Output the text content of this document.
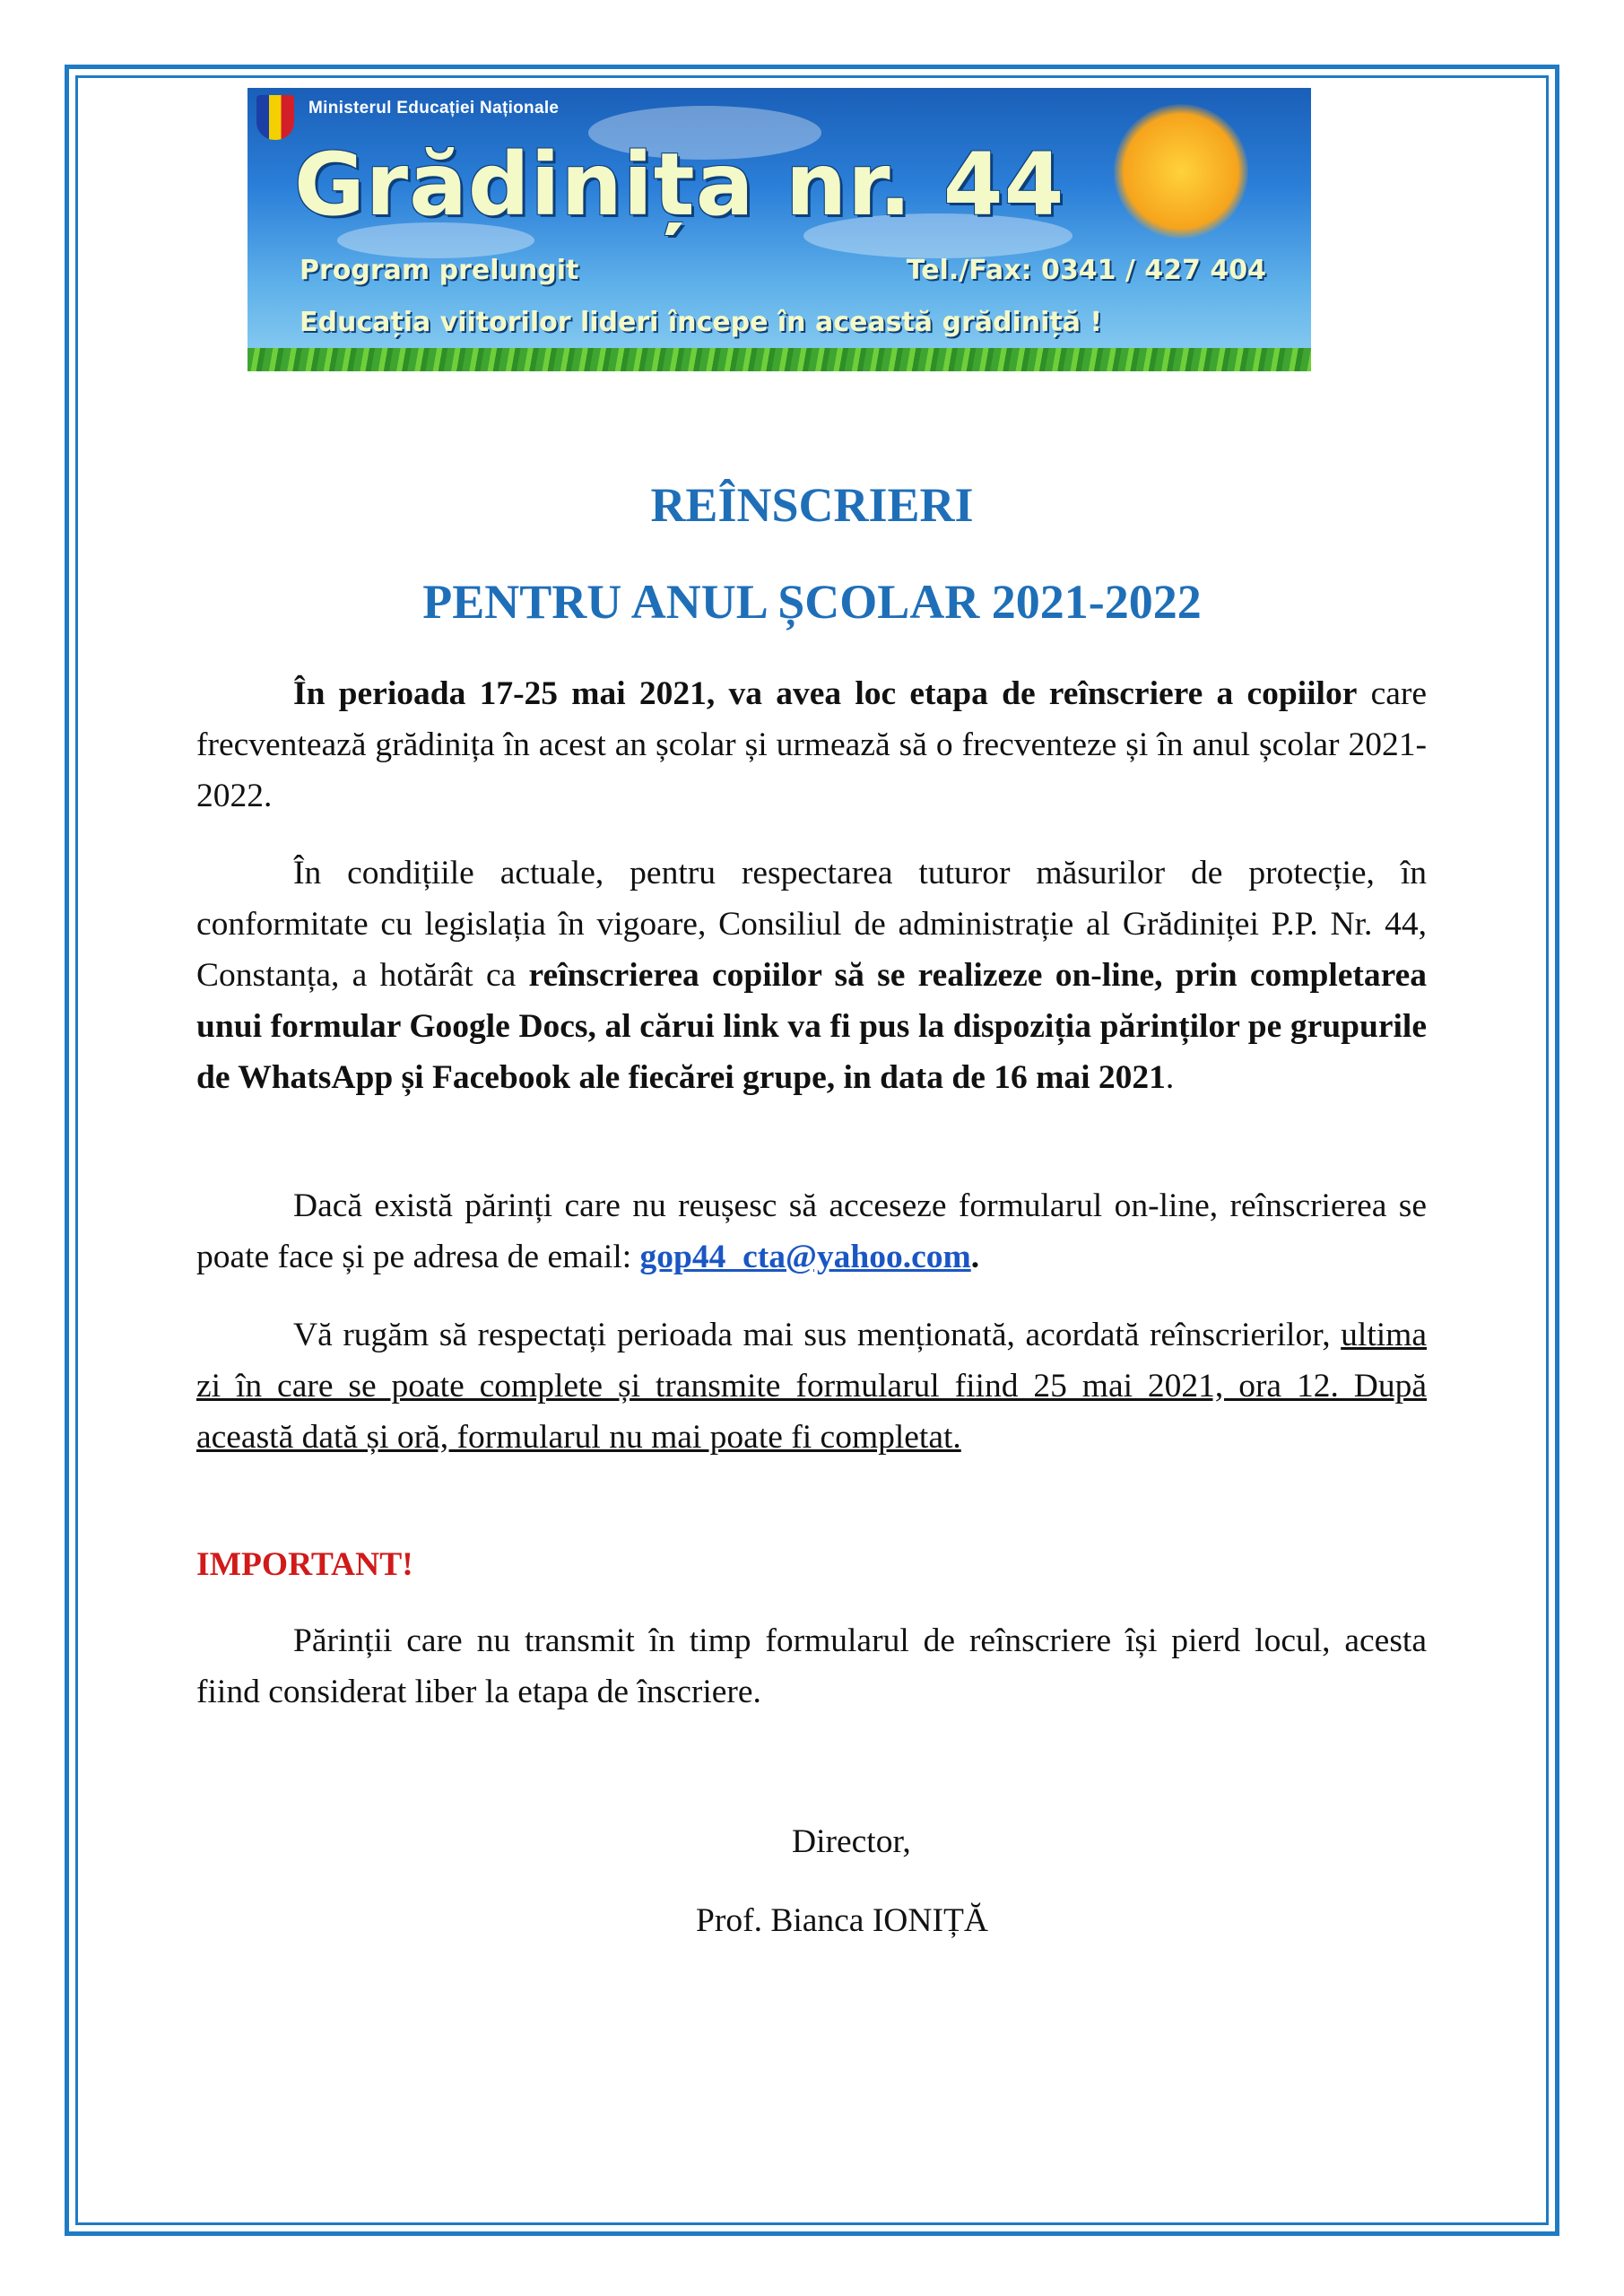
Ministerul Educației Naționale
Grădinița nr. 44
Program prelungit	Tel./Fax: 0341 / 427 404
Educația viitorilor lideri începe în această grădiniță !
REÎNSCRIERI
PENTRU ANUL ȘCOLAR 2021-2022

În perioada 17-25 mai 2021, va avea loc etapa de reînscriere a copiilor care frecventează grădinița în acest an școlar și urmează să o frecventeze și în anul școlar 2021-2022.

În condițiile actuale, pentru respectarea tuturor măsurilor de protecție, în conformitate cu legislația în vigoare, Consiliul de administrație al Grădiniței P.P. Nr. 44, Constanța, a hotărât ca reînscrierea copiilor să se realizeze on-line, prin completarea unui formular Google Docs, al cărui link va fi pus la dispoziția părinților pe grupurile de WhatsApp și Facebook ale fiecărei grupe, in data de 16 mai 2021.

Dacă există părinți care nu reușesc să acceseze formularul on-line, reînscrierea se poate face și pe adresa de email: gop44_cta@yahoo.com.

Vă rugăm să respectați perioada mai sus menționată, acordată reînscrierilor, ultima zi în care se poate complete și transmite formularul fiind 25 mai 2021, ora 12. După această dată și oră, formularul nu mai poate fi completat.

IMPORTANT!

Părinții care nu transmit în timp formularul de reînscriere își pierd locul, acesta fiind considerat liber la etapa de înscriere.

Director,
Prof. Bianca IONIȚĂ
